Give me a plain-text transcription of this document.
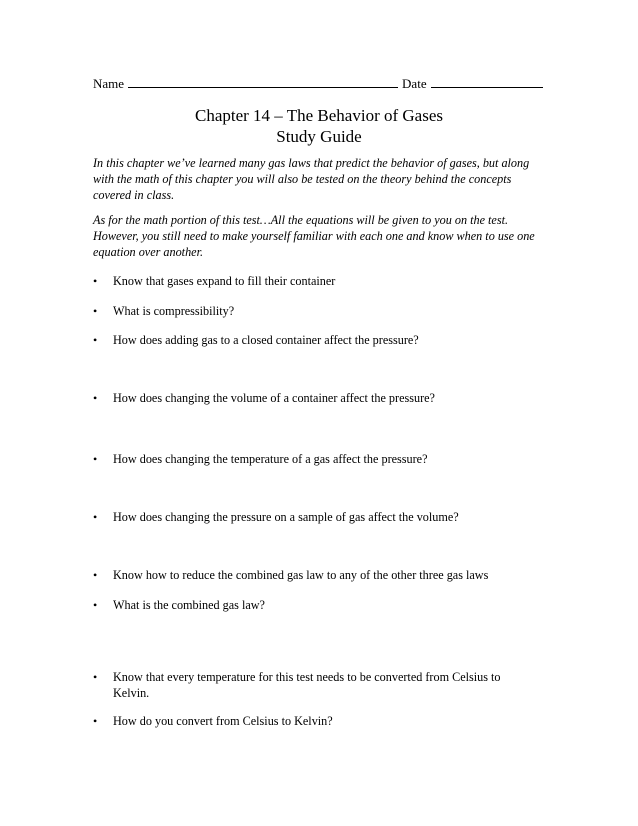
Name	Date
Chapter 14 – The Behavior of Gases
Study Guide
In this chapter we’ve learned many gas laws that predict the behavior of gases, but along with the math of this chapter you will also be tested on the theory behind the concepts covered in class.
As for the math portion of this test…All the equations will be given to you on the test. However, you still need to make yourself familiar with each one and know when to use one equation over another.
•	Know that gases expand to fill their container
•	What is compressibility?
•	How does adding gas to a closed container affect the pressure?
•	How does changing the volume of a container affect the pressure?
•	How does changing the temperature of a gas affect the pressure?
•	How does changing the pressure on a sample of gas affect the volume?
•	Know how to reduce the combined gas law to any of the other three gas laws
•	What is the combined gas law?
•	Know that every temperature for this test needs to be converted from Celsius to Kelvin.
•	How do you convert from Celsius to Kelvin?
